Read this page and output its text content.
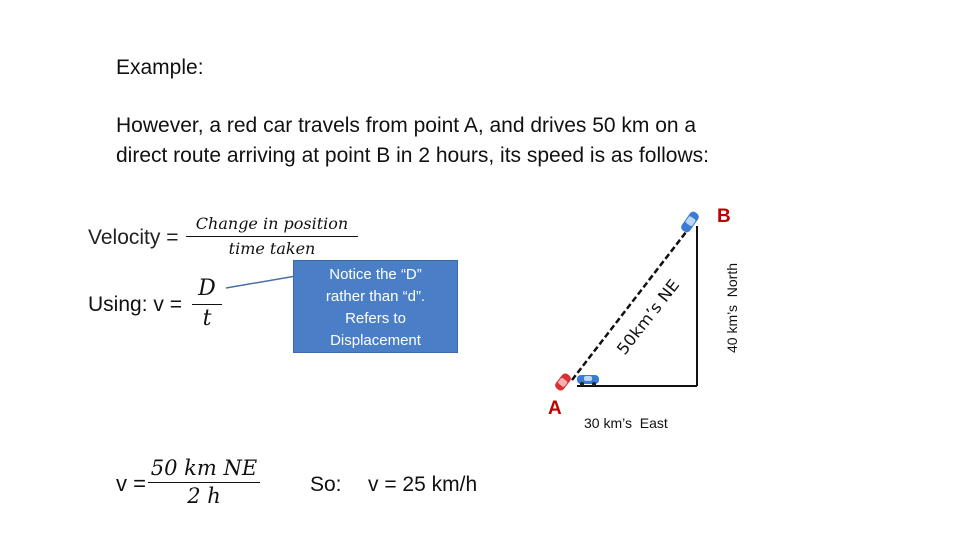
Example:
However, a red car travels from point A, and drives 50 km on a
direct route arriving at point B in 2 hours, its speed is as follows:
Velocity =
Change in position
time taken
Using: v =
D
t
Notice the “D”
rather than “d”.
Refers to
Displacement
B
A
30 km’s  East
40 km’s  North
50km’s NE
v =
50 km NE
2 h	So: v = 25 km/h
